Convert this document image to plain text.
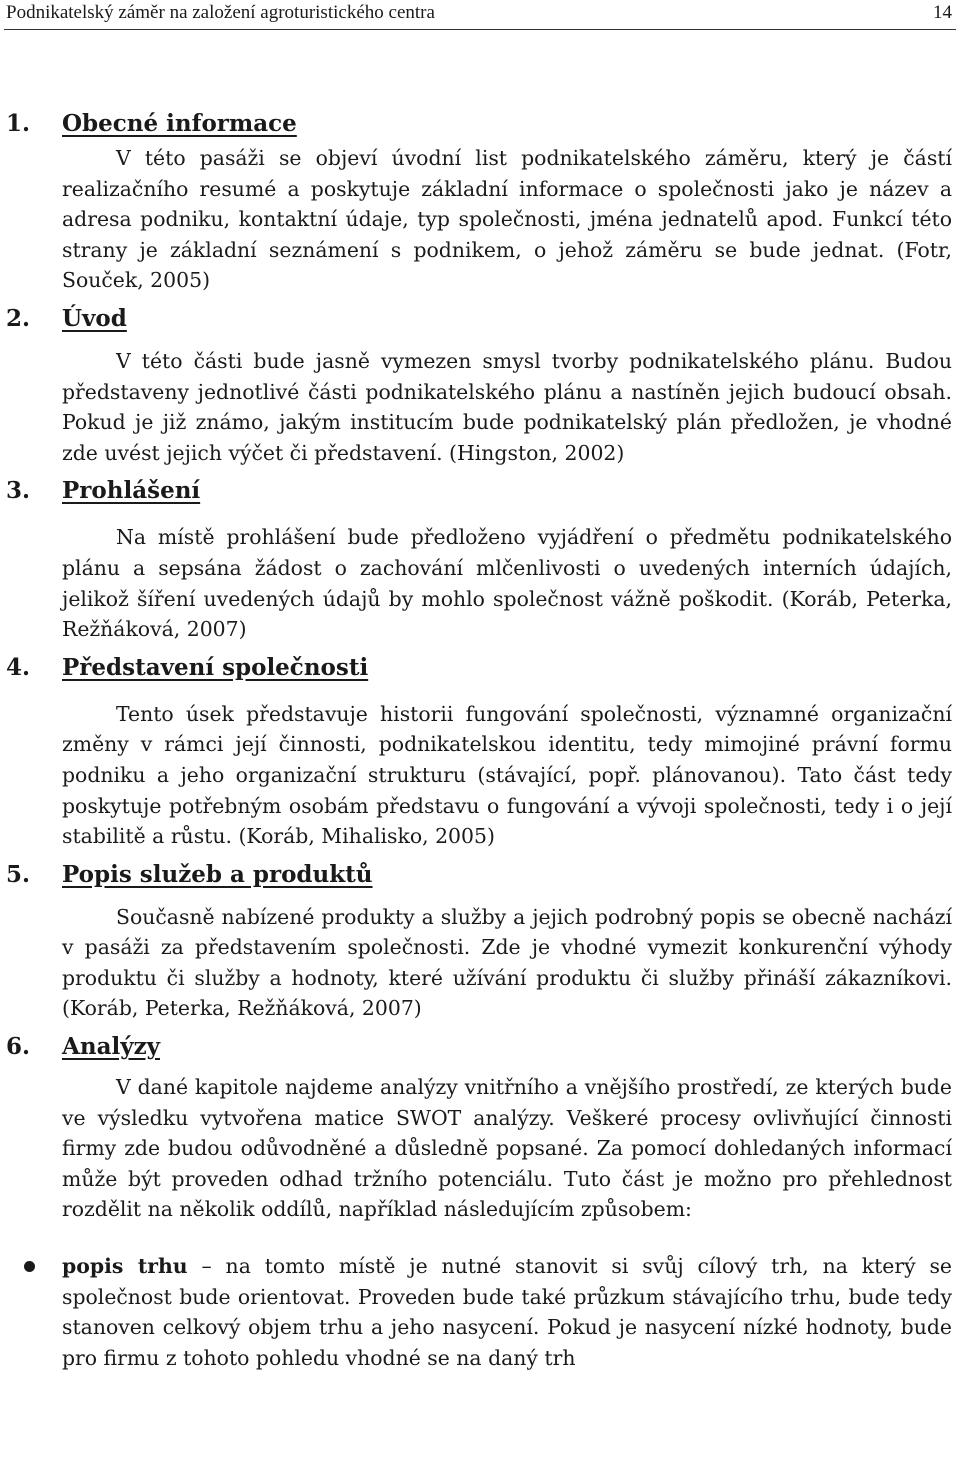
Podnikatelský záměr na založení agroturistického centra	14
1. Obecné informace

V této pasáži se objeví úvodní list podnikatelského záměru, který je částí realizačního resumé a poskytuje základní informace o společnosti jako je název a adresa podniku, kontaktní údaje, typ společnosti, jména jednatelů apod. Funkcí této strany je základní seznámení s podnikem, o jehož záměru se bude jednat. (Fotr, Souček, 2005)

2. Úvod

V této části bude jasně vymezen smysl tvorby podnikatelského plánu. Budou představeny jednotlivé části podnikatelského plánu a nastíněn jejich budoucí obsah. Pokud je již známo, jakým institucím bude podnikatelský plán předložen, je vhodné zde uvést jejich výčet či představení. (Hingston, 2002)

3. Prohlášení

Na místě prohlášení bude předloženo vyjádření o předmětu podnikatelského plánu a sepsána žádost o zachování mlčenlivosti o uvedených interních údajích, jelikož šíření uvedených údajů by mohlo společnost vážně poškodit. (Koráb, Peterka, Režňáková, 2007)

4. Představení společnosti

Tento úsek představuje historii fungování společnosti, významné organizační změny v rámci její činnosti, podnikatelskou identitu, tedy mimojiné právní formu podniku a jeho organizační strukturu (stávající, popř. plánovanou). Tato část tedy poskytuje potřebným osobám představu o fungování a vývoji společnosti, tedy i o její stabilitě a růstu. (Koráb, Mihalisko, 2005)

5. Popis služeb a produktů

Současně nabízené produkty a služby a jejich podrobný popis se obecně nachází v pasáži za představením společnosti. Zde je vhodné vymezit konkurenční výhody produktu či služby a hodnoty, které užívání produktu či služby přináší zákazníkovi. (Koráb, Peterka, Režňáková, 2007)

6. Analýzy

V dané kapitole najdeme analýzy vnitřního a vnějšího prostředí, ze kterých bude ve výsledku vytvořena matice SWOT analýzy. Veškeré procesy ovlivňující činnosti firmy zde budou odůvodněné a důsledně popsané. Za pomocí dohledaných informací může být proveden odhad tržního potenciálu. Tuto část je možno pro přehlednost rozdělit na několik oddílů, například následujícím způsobem:

popis trhu – na tomto místě je nutné stanovit si svůj cílový trh, na který se společnost bude orientovat. Proveden bude také průzkum stávajícího trhu, bude tedy stanoven celkový objem trhu a jeho nasycení. Pokud je nasycení nízké hodnoty, bude pro firmu z tohoto pohledu vhodné se na daný trh
